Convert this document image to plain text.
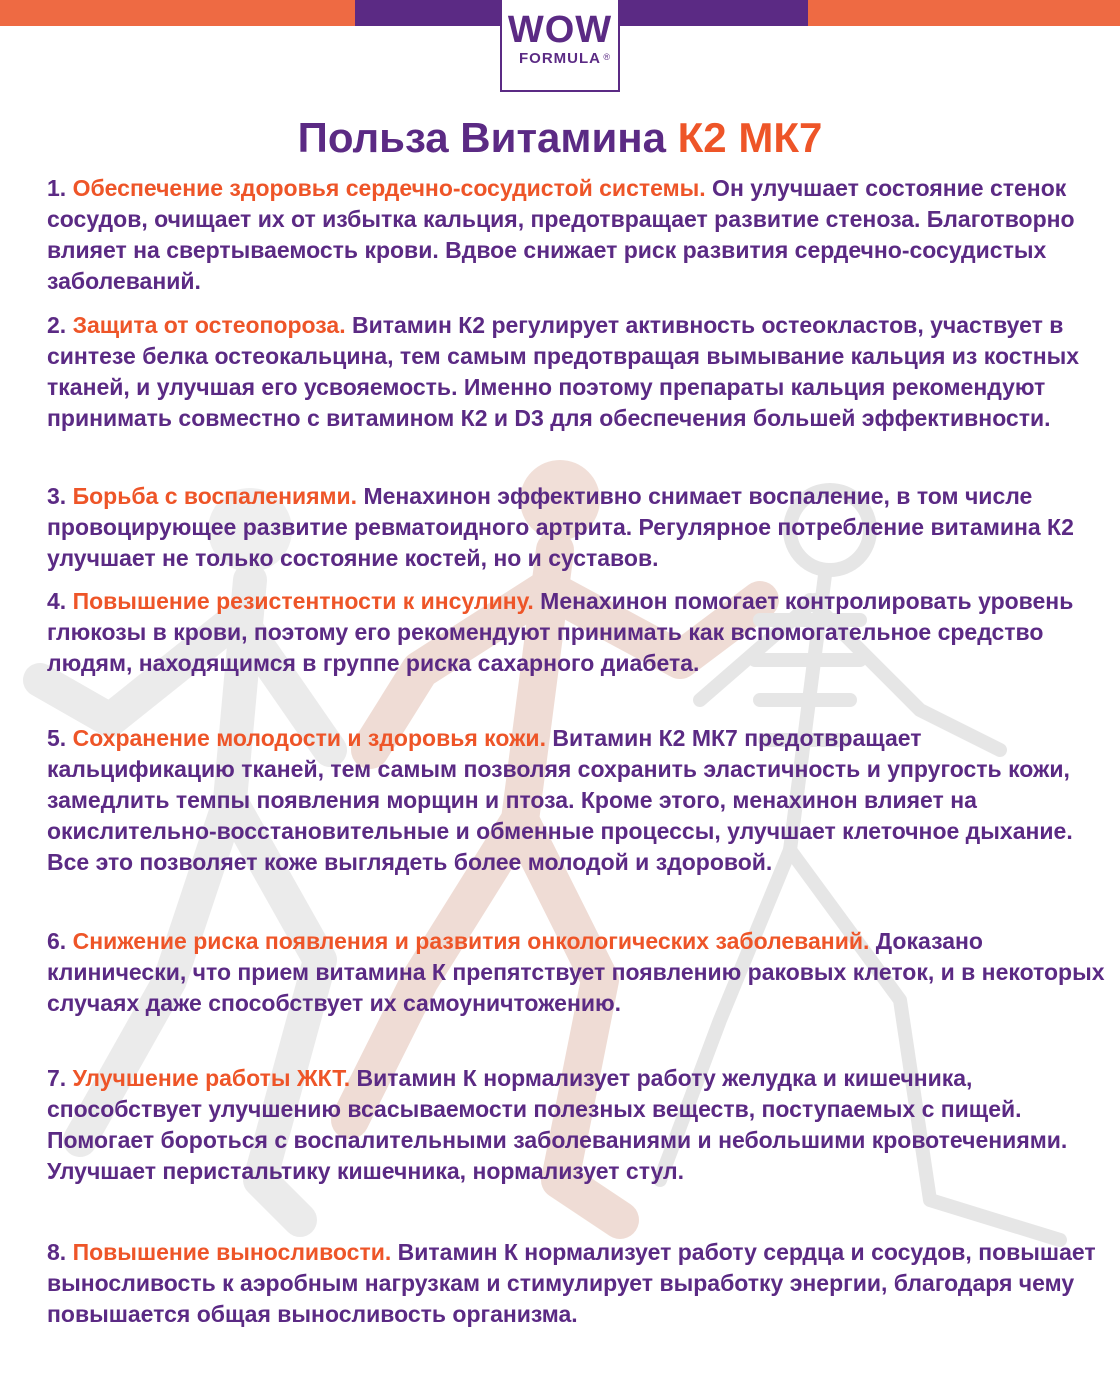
WOW
FORMULA ®
Польза Витамина К2 МК7

1. Обеспечение здоровья сердечно-сосудистой системы. Он улучшает состояние стенок сосудов, очищает их от избытка кальция, предотвращает развитие стеноза. Благотворно влияет на свертываемость крови. Вдвое снижает риск развития сердечно-сосудистых заболеваний.

2. Защита от остеопороза. Витамин К2 регулирует активность остеокластов, участвует в синтезе белка остеокальцина, тем самым предотвращая вымывание кальция из костных тканей, и улучшая его усвояемость. Именно поэтому препараты кальция рекомендуют принимать совместно с витамином К2 и D3 для обеспечения большей эффективности.

3. Борьба с воспалениями. Менахинон эффективно снимает воспаление, в том числе провоцирующее развитие ревматоидного артрита. Регулярное потребление витамина К2 улучшает не только состояние костей, но и суставов.

4. Повышение резистентности к инсулину. Менахинон помогает контролировать уровень глюкозы в крови, поэтому его рекомендуют принимать как вспомогательное средство людям, находящимся в группе риска сахарного диабета.

5. Сохранение молодости и здоровья кожи. Витамин К2 МК7 предотвращает кальцификацию тканей, тем самым позволяя сохранить эластичность и упругость кожи, замедлить темпы появления морщин и птоза. Кроме этого, менахинон влияет на окислительно-восстановительные и обменные процессы, улучшает клеточное дыхание. Все это позволяет коже выглядеть более молодой и здоровой.

6. Снижение риска появления и развития онкологических заболеваний. Доказано клинически, что прием витамина К препятствует появлению раковых клеток, и в некоторых случаях даже способствует их самоуничтожению.

7. Улучшение работы ЖКТ. Витамин К нормализует работу желудка и кишечника, способствует улучшению всасываемости полезных веществ, поступаемых с пищей. Помогает бороться с воспалительными заболеваниями и небольшими кровотечениями. Улучшает перистальтику кишечника, нормализует стул.

8. Повышение выносливости. Витамин К нормализует работу сердца и сосудов, повышает выносливость к аэробным нагрузкам и стимулирует выработку энергии, благодаря чему повышается общая выносливость организма.
